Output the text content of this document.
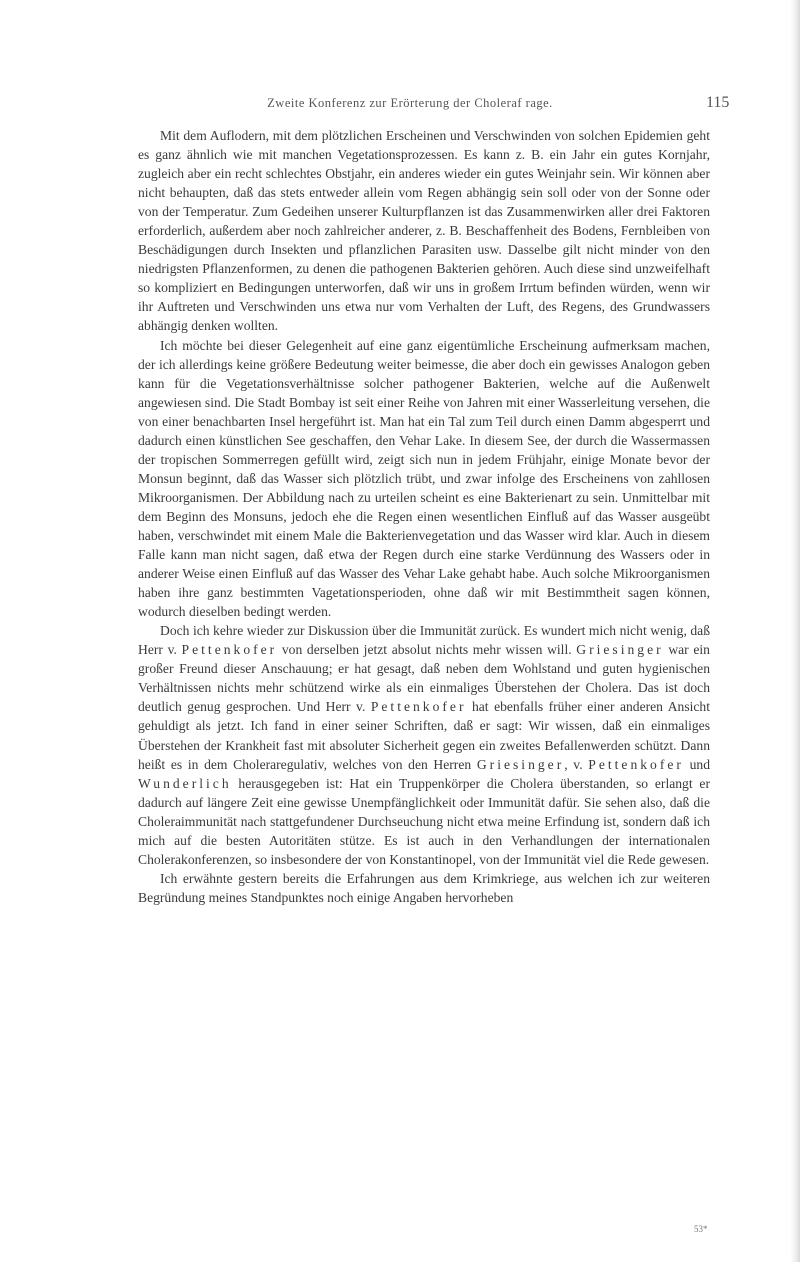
Zweite Konferenz zur Erörterung der Choleraf rage.	115

Mit dem Auflodern, mit dem plötzlichen Erscheinen und Verschwinden von solchen Epidemien geht es ganz ähnlich wie mit manchen Vegetationsprozessen. Es kann z. B. ein Jahr ein gutes Kornjahr, zugleich aber ein recht schlechtes Obstjahr, ein anderes wieder ein gutes Weinjahr sein. Wir können aber nicht behaupten, daß das stets entweder allein vom Regen abhängig sein soll oder von der Sonne oder von der Temperatur. Zum Gedeihen unserer Kulturpflanzen ist das Zusammenwirken aller drei Faktoren erforderlich, außerdem aber noch zahlreicher anderer, z. B. Beschaffenheit des Bodens, Fernbleiben von Beschädigungen durch Insekten und pflanzlichen Parasiten usw. Dasselbe gilt nicht minder von den niedrigsten Pflanzenformen, zu denen die pathogenen Bakterien gehören. Auch diese sind unzweifelhaft so kompliziert en Bedingungen unterworfen, daß wir uns in großem Irrtum befinden würden, wenn wir ihr Auftreten und Verschwinden uns etwa nur vom Verhalten der Luft, des Regens, des Grundwassers abhängig denken wollten.

Ich möchte bei dieser Gelegenheit auf eine ganz eigentümliche Erscheinung aufmerksam machen, der ich allerdings keine größere Bedeutung weiter beimesse, die aber doch ein gewisses Analogon geben kann für die Vegetationsverhältnisse solcher pathogener Bakterien, welche auf die Außenwelt angewiesen sind. Die Stadt Bombay ist seit einer Reihe von Jahren mit einer Wasserleitung versehen, die von einer benachbarten Insel hergeführt ist. Man hat ein Tal zum Teil durch einen Damm abgesperrt und dadurch einen künstlichen See geschaffen, den Vehar Lake. In diesem See, der durch die Wassermassen der tropischen Sommerregen gefüllt wird, zeigt sich nun in jedem Frühjahr, einige Monate bevor der Monsun beginnt, daß das Wasser sich plötzlich trübt, und zwar infolge des Erscheinens von zahllosen Mikroorganismen. Der Abbildung nach zu urteilen scheint es eine Bakterienart zu sein. Unmittelbar mit dem Beginn des Monsuns, jedoch ehe die Regen einen wesentlichen Einfluß auf das Wasser ausgeübt haben, verschwindet mit einem Male die Bakterienvegetation und das Wasser wird klar. Auch in diesem Falle kann man nicht sagen, daß etwa der Regen durch eine starke Verdünnung des Wassers oder in anderer Weise einen Einfluß auf das Wasser des Vehar Lake gehabt habe. Auch solche Mikroorganismen haben ihre ganz bestimmten Vagetationsperioden, ohne daß wir mit Bestimmtheit sagen können, wodurch dieselben bedingt werden.

Doch ich kehre wieder zur Diskussion über die Immunität zurück. Es wundert mich nicht wenig, daß Herr v. Pettenkofer von derselben jetzt absolut nichts mehr wissen will. Griesinger war ein großer Freund dieser Anschauung; er hat gesagt, daß neben dem Wohlstand und guten hygienischen Verhältnissen nichts mehr schützend wirke als ein einmaliges Überstehen der Cholera. Das ist doch deutlich genug gesprochen. Und Herr v. Pettenkofer hat ebenfalls früher einer anderen Ansicht gehuldigt als jetzt. Ich fand in einer seiner Schriften, daß er sagt: Wir wissen, daß ein einmaliges Überstehen der Krankheit fast mit absoluter Sicherheit gegen ein zweites Befallenwerden schützt. Dann heißt es in dem Choleraregulativ, welches von den Herren Griesinger, v. Pettenkofer und Wunderlich herausgegeben ist: Hat ein Truppenkörper die Cholera überstanden, so erlangt er dadurch auf längere Zeit eine gewisse Unempfänglichkeit oder Immunität dafür. Sie sehen also, daß die Choleraimmunität nach stattgefundener Durchseuchung nicht etwa meine Erfindung ist, sondern daß ich mich auf die besten Autoritäten stütze. Es ist auch in den Verhandlungen der internationalen Cholerakonferenzen, so insbesondere der von Konstantinopel, von der Immunität viel die Rede gewesen.

Ich erwähnte gestern bereits die Erfahrungen aus dem Krimkriege, aus welchen ich zur weiteren Begründung meines Standpunktes noch einige Angaben hervorheben

53*
